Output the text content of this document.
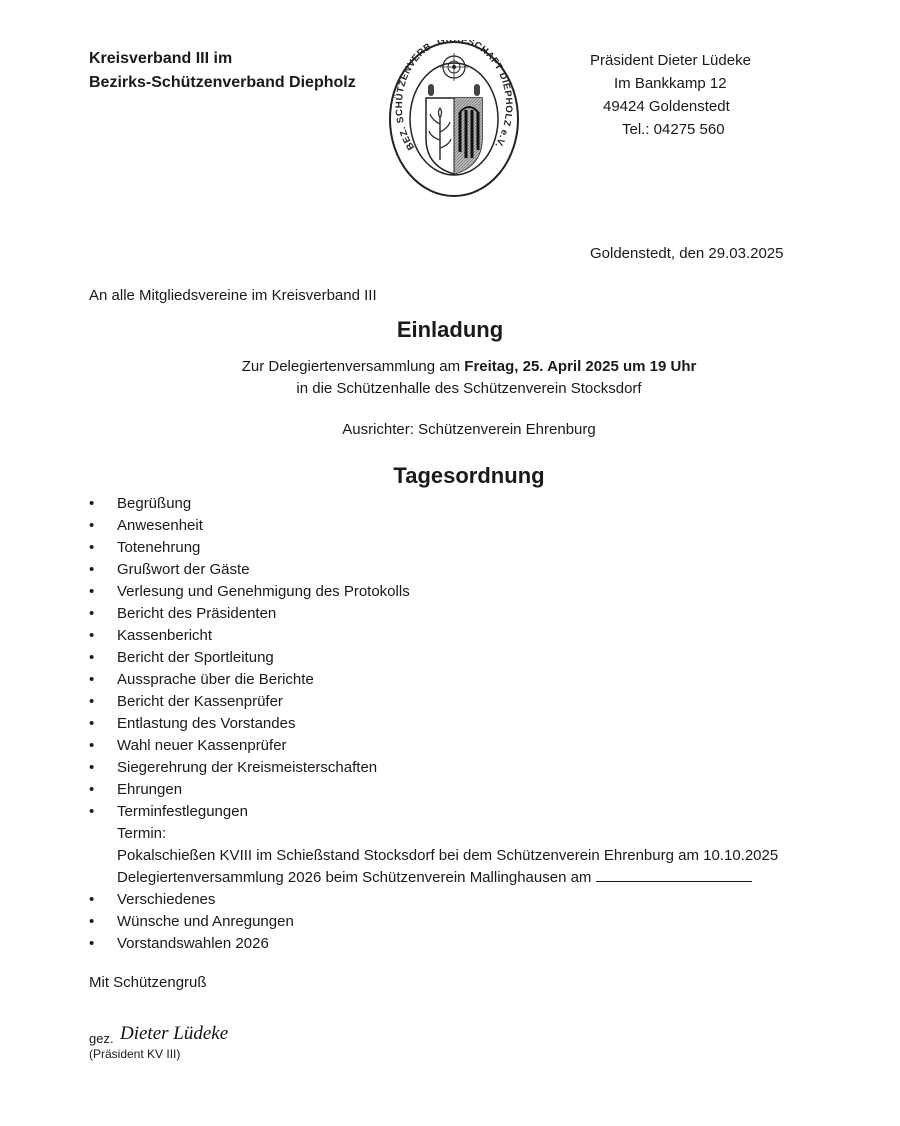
Kreisverband III im
Bezirks-Schützenverband Diepholz
BEZ. SCHÜTZENVERB. G FSCHAFT DIEPHOLZ e.V.
Präsident Dieter Lüdeke
Im Bankkamp 12
49424 Goldenstedt
Tel.: 04275 560
Goldenstedt, den 29.03.2025
An alle Mitgliedsvereine im Kreisverband III
Einladung
Zur Delegiertenversammlung am Freitag, 25. April 2025 um 19 Uhr
in die Schützenhalle des Schützenverein Stocksdorf
Ausrichter: Schützenverein Ehrenburg
Tagesordnung
• Begrüßung
• Anwesenheit
• Totenehrung
• Grußwort der Gäste
• Verlesung und Genehmigung des Protokolls
• Bericht des Präsidenten
• Kassenbericht
• Bericht der Sportleitung
• Aussprache über die Berichte
• Bericht der Kassenprüfer
• Entlastung des Vorstandes
• Wahl neuer Kassenprüfer
• Siegerehrung der Kreismeisterschaften
• Ehrungen
• Terminfestlegungen
Termin:
Pokalschießen KVIII im Schießstand Stocksdorf bei dem Schützenverein Ehrenburg am 10.10.2025
Delegiertenversammlung 2026 beim Schützenverein Mallinghausen am
• Verschiedenes
• Wünsche und Anregungen
• Vorstandswahlen 2026
Mit Schützengruß
gez. Dieter Lüdeke
(Präsident KV III)
